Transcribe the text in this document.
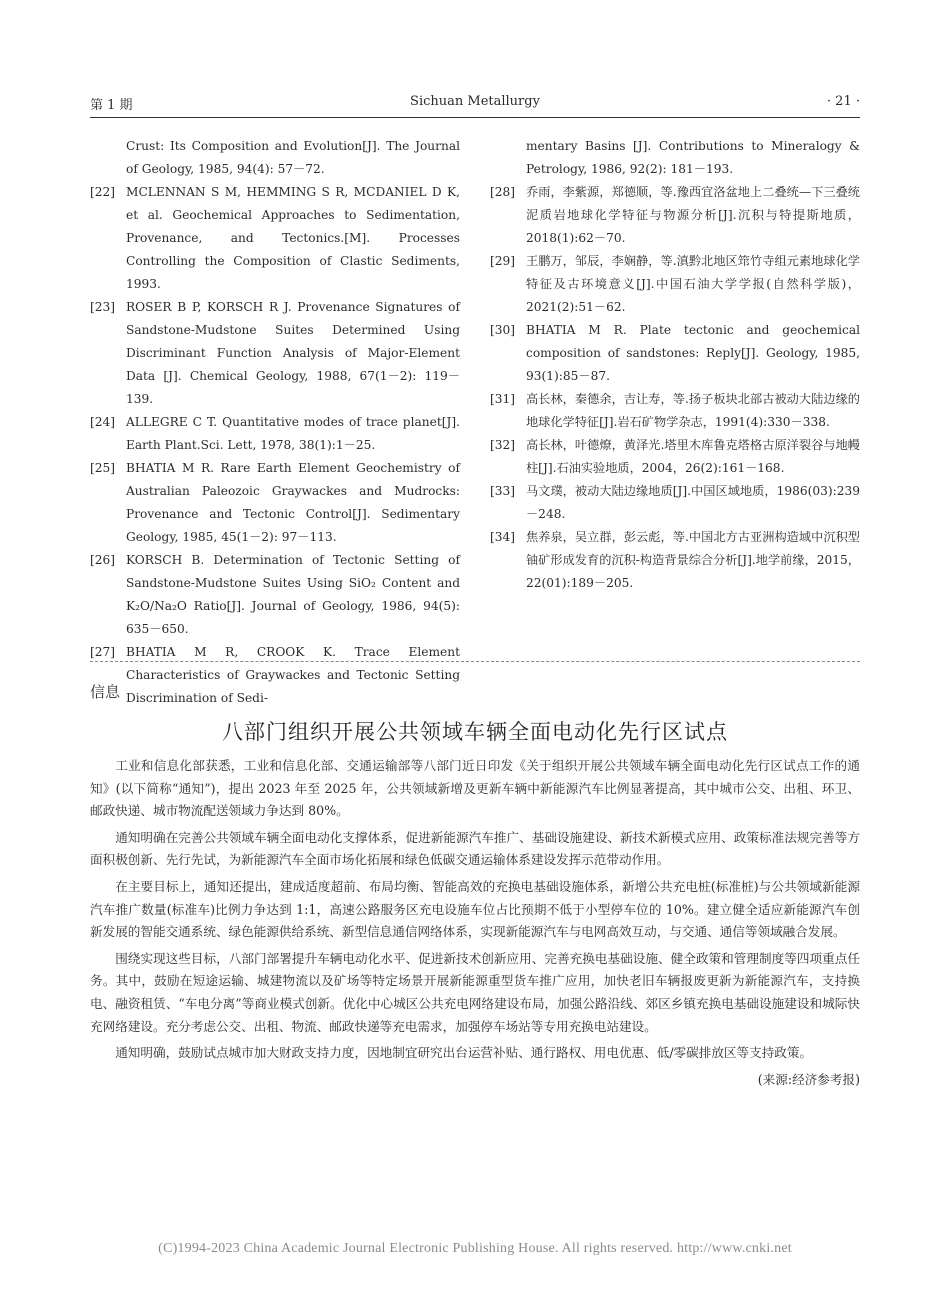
第 1 期	Sichuan Metallurgy	· 21 ·
Crust: Its Composition and Evolution[J]. The Journal of Geology, 1985, 94(4): 57－72.
[22] MCLENNAN S M, HEMMING S R, MCDANIEL D K, et al. Geochemical Approaches to Sedimentation, Provenance, and Tectonics.[M]. Processes Controlling the Composition of Clastic Sediments, 1993.
[23] ROSER B P, KORSCH R J. Provenance Signatures of Sandstone-Mudstone Suites Determined Using Discriminant Function Analysis of Major-Element Data [J]. Chemical Geology, 1988, 67(1－2): 119－139.
[24] ALLEGRE C T. Quantitative modes of trace planet[J]. Earth Plant.Sci. Lett, 1978, 38(1):1－25.
[25] BHATIA M R. Rare Earth Element Geochemistry of Australian Paleozoic Graywackes and Mudrocks: Provenance and Tectonic Control[J]. Sedimentary Geology, 1985, 45(1－2): 97－113.
[26] KORSCH B. Determination of Tectonic Setting of Sandstone-Mudstone Suites Using SiO₂ Content and K₂O/Na₂O Ratio[J]. Journal of Geology, 1986, 94(5): 635－650.
[27] BHATIA M R, CROOK K. Trace Element Characteristics of Graywackes and Tectonic Setting Discrimination of Sedi-
mentary Basins [J]. Contributions to Mineralogy & Petrology, 1986, 92(2): 181－193.
[28] 乔雨，李紫源，郑德顺，等.豫西宜洛盆地上二叠统—下三叠统泥质岩地球化学特征与物源分析[J].沉积与特提斯地质，2018(1):62－70.
[29] 王鹏万，邹辰，李娴静，等.滇黔北地区筇竹寺组元素地球化学特征及古环境意义[J].中国石油大学学报(自然科学版)，2021(2):51－62.
[30] BHATIA M R. Plate tectonic and geochemical composition of sandstones: Reply[J]. Geology, 1985, 93(1):85－87.
[31] 高长林，秦德余，吉让寿，等.扬子板块北部古被动大陆边缘的地球化学特征[J].岩石矿物学杂志，1991(4):330－338.
[32] 高长林，叶德燎，黄泽光.塔里木库鲁克塔格古原洋裂谷与地幔柱[J].石油实验地质，2004，26(2):161－168.
[33] 马文璞，被动大陆边缘地质[J].中国区域地质，1986(03):239－248.
[34] 焦养泉，吴立群，彭云彪，等.中国北方古亚洲构造域中沉积型铀矿形成发育的沉积-构造背景综合分析[J].地学前缘，2015，22(01):189－205.
信息
八部门组织开展公共领域车辆全面电动化先行区试点

工业和信息化部获悉，工业和信息化部、交通运输部等八部门近日印发《关于组织开展公共领域车辆全面电动化先行区试点工作的通知》(以下简称“通知”)，提出 2023 年至 2025 年，公共领域新增及更新车辆中新能源汽车比例显著提高，其中城市公交、出租、环卫、邮政快递、城市物流配送领域力争达到 80%。

通知明确在完善公共领域车辆全面电动化支撑体系，促进新能源汽车推广、基础设施建设、新技术新模式应用、政策标准法规完善等方面积极创新、先行先试，为新能源汽车全面市场化拓展和绿色低碳交通运输体系建设发挥示范带动作用。

在主要目标上，通知还提出，建成适度超前、布局均衡、智能高效的充换电基础设施体系，新增公共充电桩(标准桩)与公共领域新能源汽车推广数量(标准车)比例力争达到 1:1，高速公路服务区充电设施车位占比预期不低于小型停车位的 10%。建立健全适应新能源汽车创新发展的智能交通系统、绿色能源供给系统、新型信息通信网络体系，实现新能源汽车与电网高效互动，与交通、通信等领域融合发展。

围绕实现这些目标，八部门部署提升车辆电动化水平、促进新技术创新应用、完善充换电基础设施、健全政策和管理制度等四项重点任务。其中，鼓励在短途运输、城建物流以及矿场等特定场景开展新能源重型货车推广应用，加快老旧车辆报废更新为新能源汽车，支持换电、融资租赁、“车电分离”等商业模式创新。优化中心城区公共充电网络建设布局，加强公路沿线、郊区乡镇充换电基础设施建设和城际快充网络建设。充分考虑公交、出租、物流、邮政快递等充电需求，加强停车场站等专用充换电站建设。

通知明确，鼓励试点城市加大财政支持力度，因地制宜研究出台运营补贴、通行路权、用电优惠、低/零碳排放区等支持政策。

(来源:经济参考报)
(C)1994-2023 China Academic Journal Electronic Publishing House. All rights reserved. http://www.cnki.net
